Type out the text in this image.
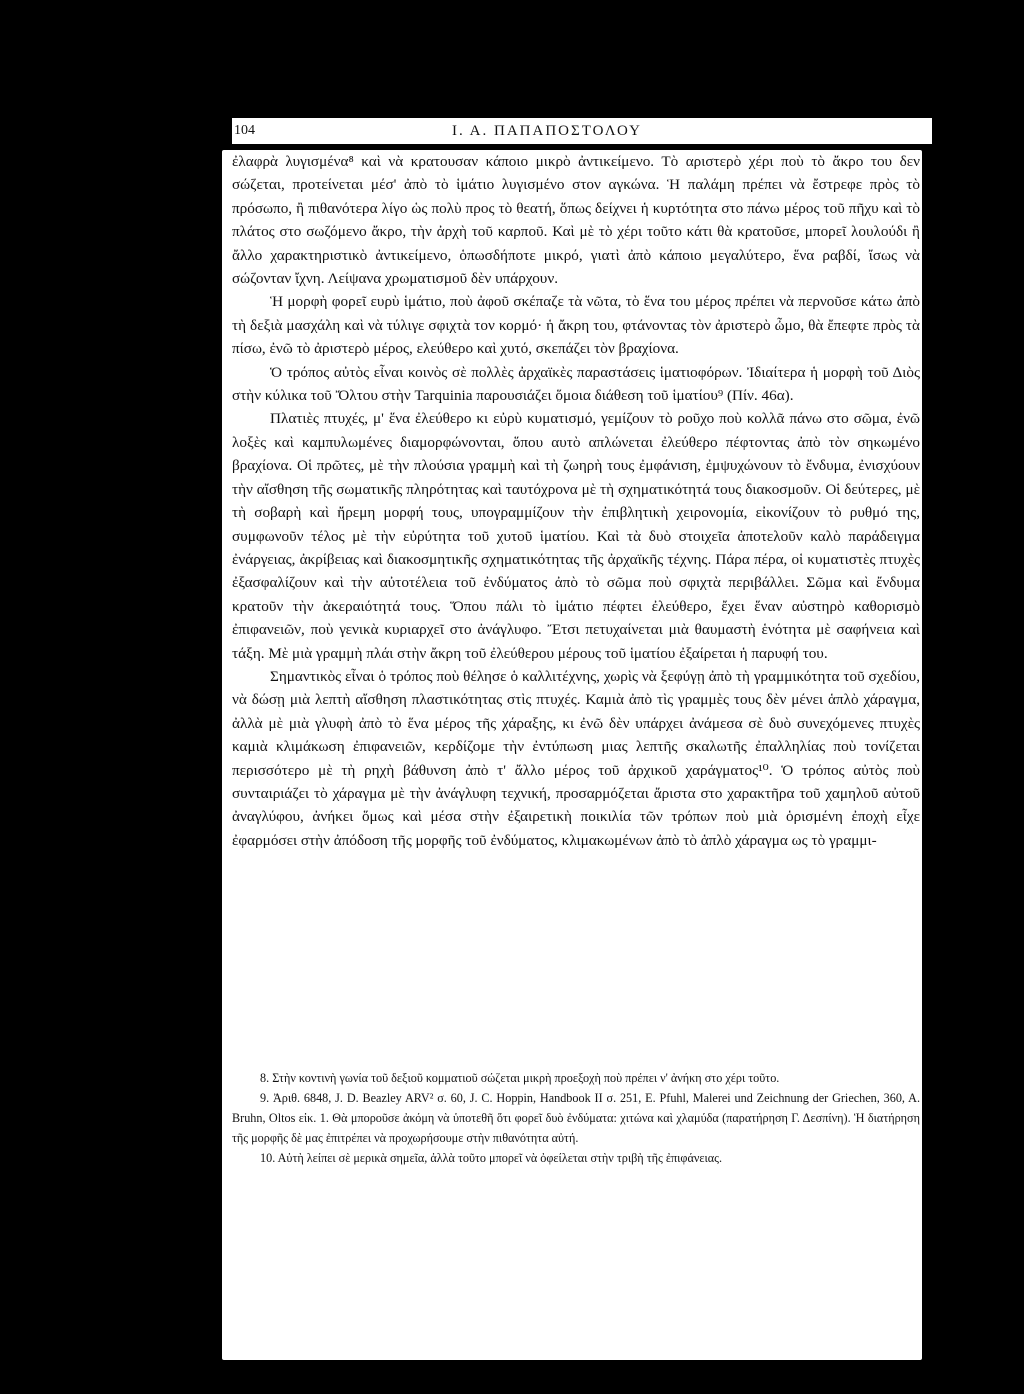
104	Ι. Α. ΠΑΠΑΠΟΣΤΟΛΟΥ

ἐλαφρὰ λυγισμένα⁸ καὶ νὰ κρατουσαν κάποιο μικρὸ ἀντικείμενο. Τὸ αριστερὸ χέρι ποὺ τὸ ἄκρο του δεν σώζεται, προτείνεται μέσ' ἀπὸ τὸ ἱμάτιο λυγισμένο στον αγκώνα. Ἡ παλάμη πρέπει νὰ ἔστρεφε πρὸς τὸ πρόσωπο, ἢ πιθανότερα λίγο ὡς πολὺ προς τὸ θεατή, ὅπως δείχνει ἡ κυρτότητα στο πάνω μέρος τοῦ πῆχυ καὶ τὸ πλάτος στο σωζόμενο ἄκρο, τὴν ἀρχὴ τοῦ καρποῦ. Καὶ μὲ τὸ χέρι τοῦτο κάτι θὰ κρατοῦσε, μπορεῖ λουλούδι ἢ ἄλλο χαρακτηριστικὸ ἀντικείμενο, ὁπωσδήποτε μικρό, γιατὶ ἀπὸ κάποιο μεγαλύτερο, ἕνα ραβδί, ἴσως νὰ σώζονταν ἴχνη. Λείψανα χρωματισμοῦ δὲν υπάρχουν.

Ἡ μορφὴ φορεῖ ευρὺ ἱμάτιο, ποὺ ἀφοῦ σκέπαζε τὰ νῶτα, τὸ ἕνα του μέρος πρέπει νὰ περνοῦσε κάτω ἀπὸ τὴ δεξιὰ μασχάλη καὶ νὰ τύλιγε σφιχτὰ τον κορμό· ἡ ἄκρη του, φτάνοντας τὸν ἀριστερὸ ὦμο, θὰ ἔπεφτε πρὸς τὰ πίσω, ἐνῶ τὸ ἀριστερὸ μέρος, ελεύθερο καὶ χυτό, σκεπάζει τὸν βραχίονα.

Ὁ τρόπος αὐτὸς εἶναι κοινὸς σὲ πολλὲς ἀρχαϊκὲς παραστάσεις ἱματιοφόρων. Ἰδιαίτερα ἡ μορφὴ τοῦ Διὸς στὴν κύλικα τοῦ Ὄλτου στὴν Tarquinia παρουσιάζει ὅμοια διάθεση τοῦ ἱματίου⁹ (Πίν. 46α).

Πλατιὲς πτυχές, μ' ἕνα ἐλεύθερο κι εὐρὺ κυματισμό, γεμίζουν τὸ ροῦχο ποὺ κολλᾶ πάνω στο σῶμα, ἐνῶ λοξὲς καὶ καμπυλωμένες διαμορφώνονται, ὅπου αυτὸ απλώνεται ἐλεύθερο πέφτοντας ἀπὸ τὸν σηκωμένο βραχίονα. Οἱ πρῶτες, μὲ τὴν πλούσια γραμμὴ καὶ τὴ ζωηρὴ τους ἐμφάνιση, ἐμψυχώνουν τὸ ἔνδυμα, ἐνισχύουν τὴν αἴσθηση τῆς σωματικῆς πληρότητας καὶ ταυτόχρονα μὲ τὴ σχηματικότητά τους διακοσμοῦν. Οἱ δεύτερες, μὲ τὴ σοβαρὴ καὶ ἤρεμη μορφή τους, υπογραμμίζουν τὴν ἐπιβλητικὴ χειρονομία, εἰκονίζουν τὸ ρυθμό της, συμφωνοῦν τέλος μὲ τὴν εὐρύτητα τοῦ χυτοῦ ἱματίου. Καὶ τὰ δυὸ στοιχεῖα ἀποτελοῦν καλὸ παράδειγμα ἐνάργειας, ἀκρίβειας καὶ διακοσμητικῆς σχηματικότητας τῆς ἀρχαϊκῆς τέχνης. Πάρα πέρα, οἱ κυματιστὲς πτυχὲς ἐξασφαλίζουν καὶ τὴν αὐτοτέλεια τοῦ ἐνδύματος ἀπὸ τὸ σῶμα ποὺ σφιχτὰ περιβάλλει. Σῶμα καὶ ἔνδυμα κρατοῦν τὴν ἀκεραιότητά τους. Ὅπου πάλι τὸ ἱμάτιο πέφτει ἐλεύθερο, ἔχει ἕναν αὐστηρὸ καθορισμὸ ἐπιφανειῶν, ποὺ γενικὰ κυριαρχεῖ στο ἀνάγλυφο. Ἔτσι πετυχαίνεται μιὰ θαυμαστὴ ἑνότητα μὲ σαφήνεια καὶ τάξη. Μὲ μιὰ γραμμὴ πλάι στὴν ἄκρη τοῦ ἐλεύθερου μέρους τοῦ ἱματίου ἐξαίρεται ἡ παρυφή του.

Σημαντικὸς εἶναι ὁ τρόπος ποὺ θέλησε ὁ καλλιτέχνης, χωρὶς νὰ ξεφύγῃ ἀπὸ τὴ γραμμικότητα τοῦ σχεδίου, νὰ δώσῃ μιὰ λεπτὴ αἴσθηση πλαστικότητας στὶς πτυχές. Καμιὰ ἀπὸ τὶς γραμμὲς τους δὲν μένει ἁπλὸ χάραγμα, ἀλλὰ μὲ μιὰ γλυφὴ ἀπὸ τὸ ἕνα μέρος τῆς χάραξης, κι ἐνῶ δὲν υπάρχει ἀνάμεσα σὲ δυὸ συνεχόμενες πτυχὲς καμιὰ κλιμάκωση ἐπιφανειῶν, κερδίζομε τὴν ἐντύπωση μιας λεπτῆς σκαλωτῆς ἐπαλληλίας ποὺ τονίζεται περισσότερο μὲ τὴ ρηχὴ βάθυνση ἀπὸ τ' ἄλλο μέρος τοῦ ἀρχικοῦ χαράγματος¹⁰. Ὁ τρόπος αὐτὸς ποὺ συνταιριάζει τὸ χάραγμα μὲ τὴν ἀνάγλυφη τεχνική, προσαρμόζεται ἄριστα στο χαρακτῆρα τοῦ χαμηλοῦ αὐτοῦ ἀναγλύφου, ἀνήκει ὅμως καὶ μέσα στὴν ἐξαιρετικὴ ποικιλία τῶν τρόπων ποὺ μιὰ ὁρισμένη ἐποχὴ εἶχε ἐφαρμόσει στὴν ἀπόδοση τῆς μορφῆς τοῦ ἐνδύματος, κλιμακωμένων ἀπὸ τὸ ἁπλὸ χάραγμα ως τὸ γραμμι-

8. Στὴν κοντινὴ γωνία τοῦ δεξιοῦ κομματιοῦ σώζεται μικρὴ προεξοχὴ ποὺ πρέπει ν' ἀνήκη στο χέρι τοῦτο.

9. Ἀριθ. 6848, J. D. Beazley ARV² σ. 60, J. C. Hoppin, Handbook II σ. 251, E. Pfuhl, Malerei und Zeichnung der Griechen, 360, A. Bruhn, Oltos εἰκ. 1. Θὰ μποροῦσε ἀκόμη νὰ ὑποτεθῆ ὅτι φορεῖ δυὸ ἐνδύματα: χιτώνα καὶ χλαμύδα (παρατήρηση Γ. Δεσπίνη). Ἡ διατήρηση τῆς μορφῆς δὲ μας ἐπιτρέπει νὰ προχωρήσουμε στὴν πιθανότητα αὐτή.

10. Αὐτὴ λείπει σὲ μερικὰ σημεῖα, ἀλλὰ τοῦτο μπορεῖ νὰ ὀφείλεται στὴν τριβὴ τῆς ἐπιφάνειας.
